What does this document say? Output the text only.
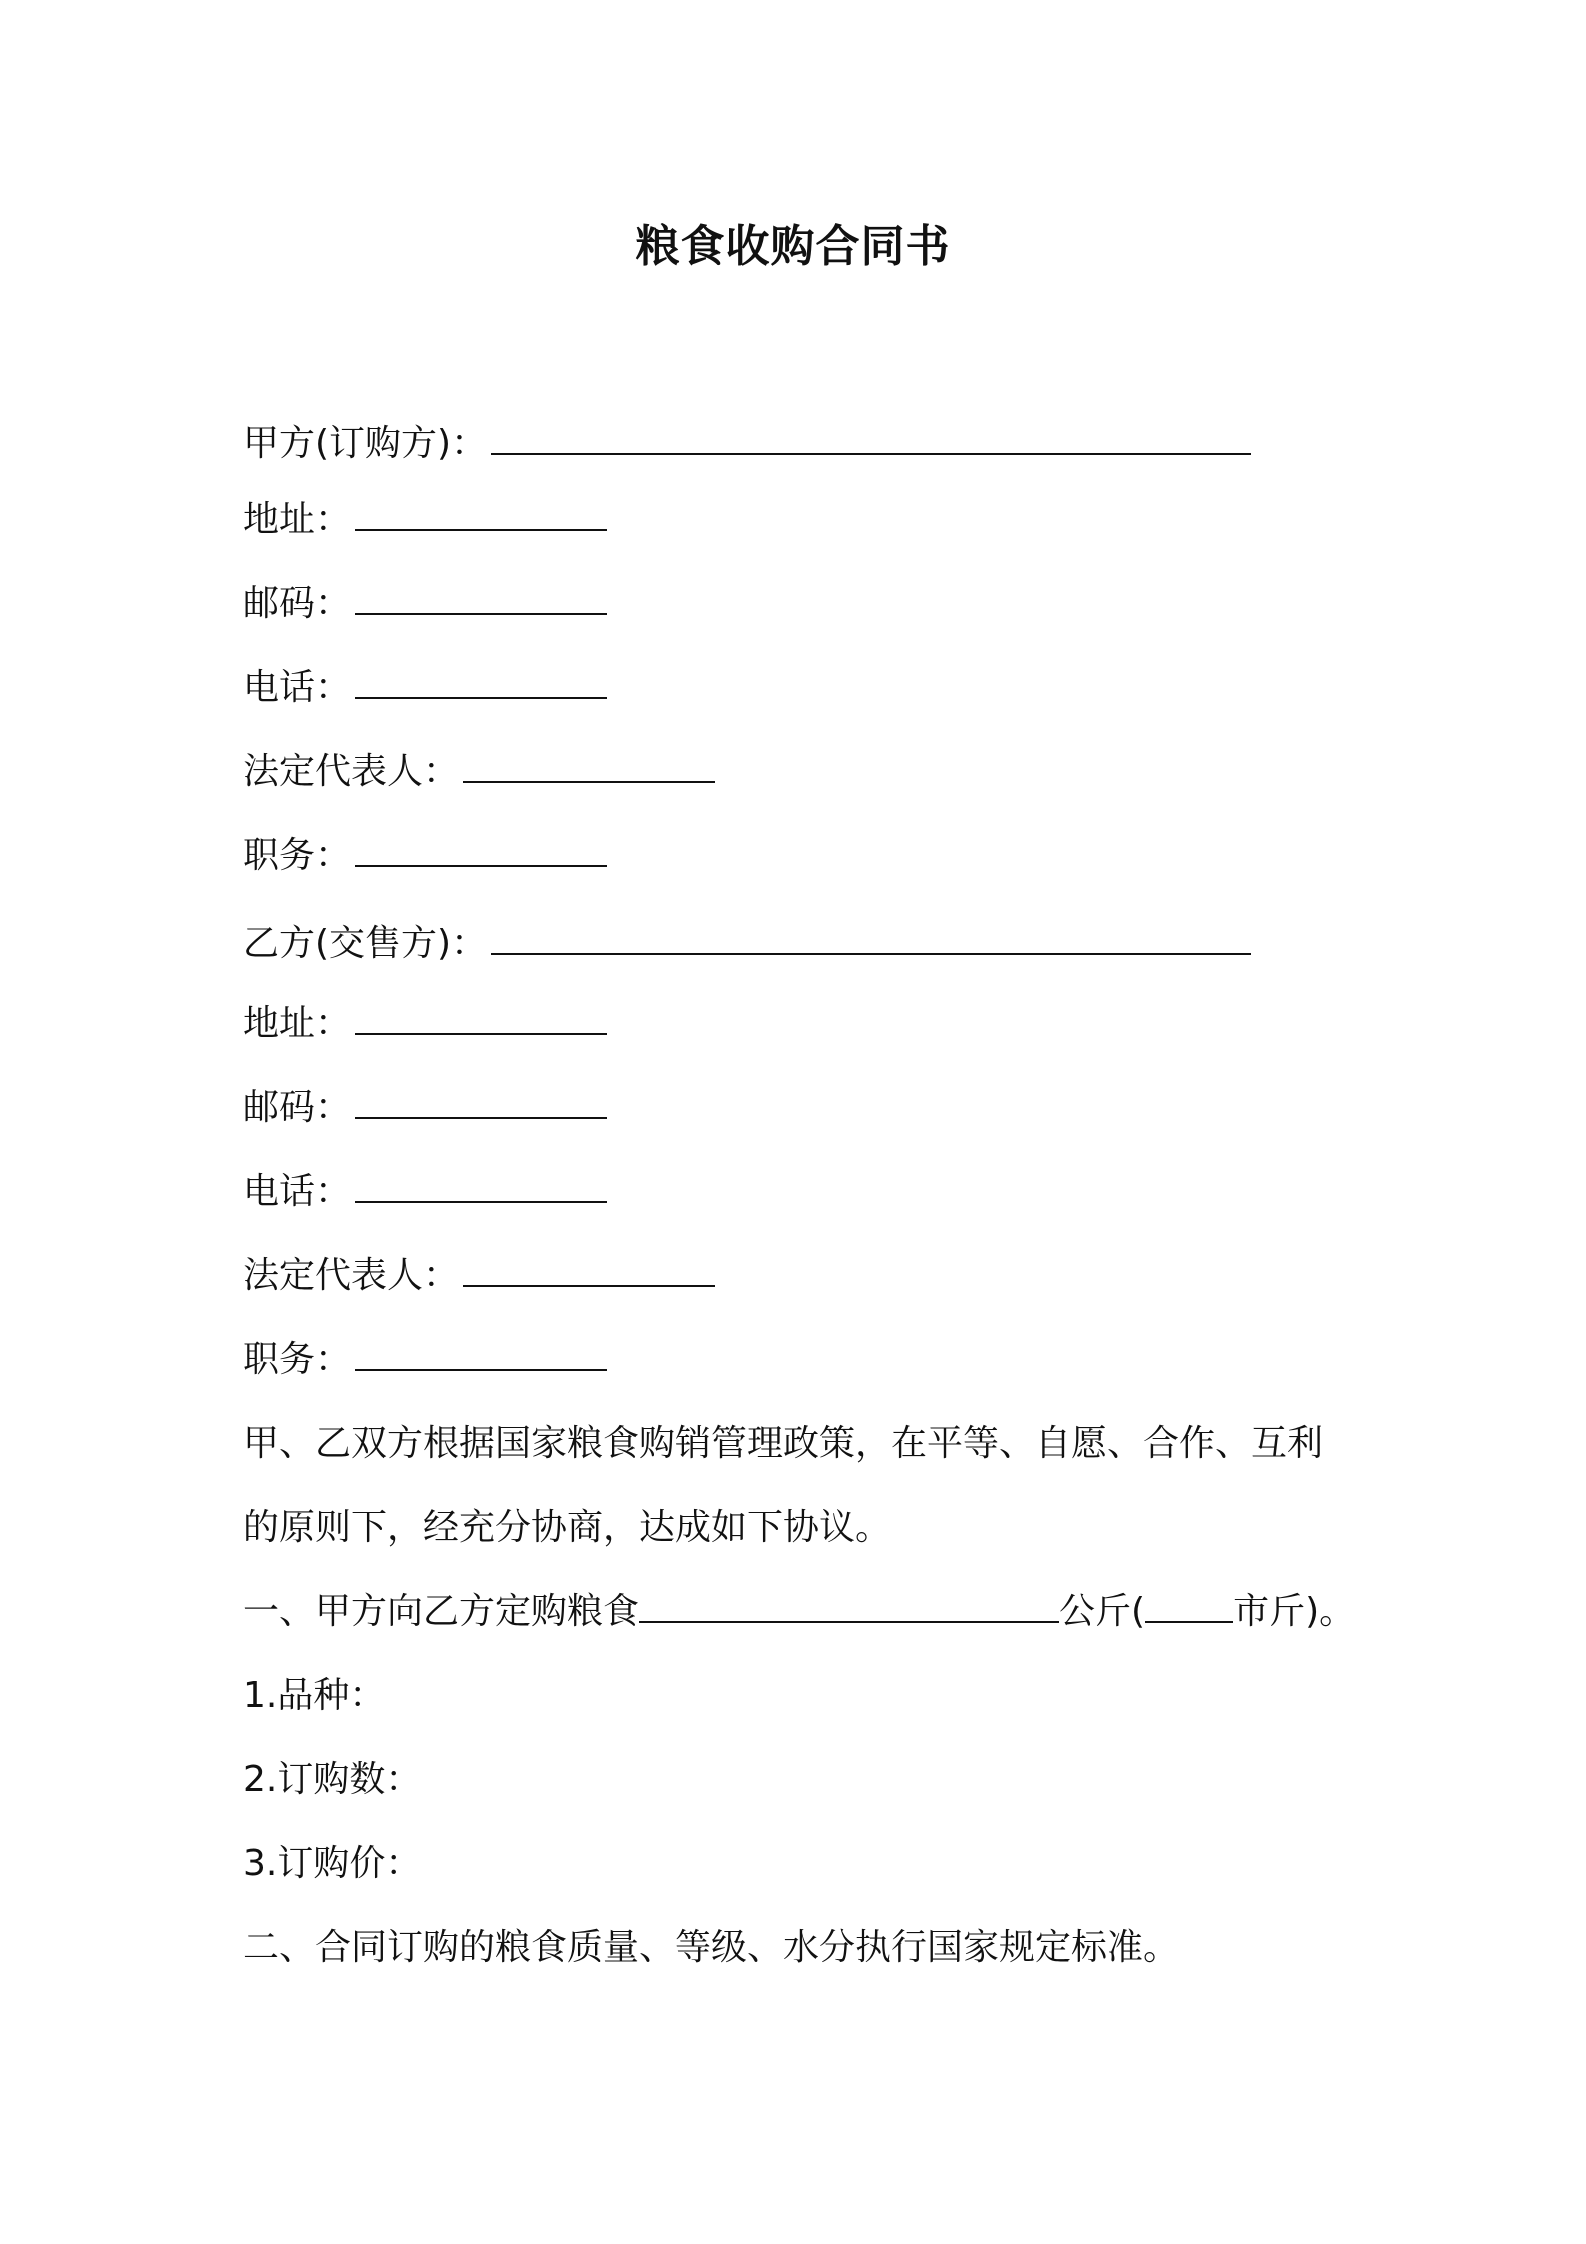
粮食收购合同书
甲方(订购方)：
地址：
邮码：
电话：
法定代表人：
职务：
乙方(交售方)：
地址：
邮码：
电话：
法定代表人：
职务：
甲、乙双方根据国家粮食购销管理政策，在平等、自愿、合作、互利
的原则下，经充分协商，达成如下协议。
一、甲方向乙方定购粮食	公斤( 市斤)。
1.品种：
2.订购数：
3.订购价：
二、合同订购的粮食质量、等级、水分执行国家规定标准。
